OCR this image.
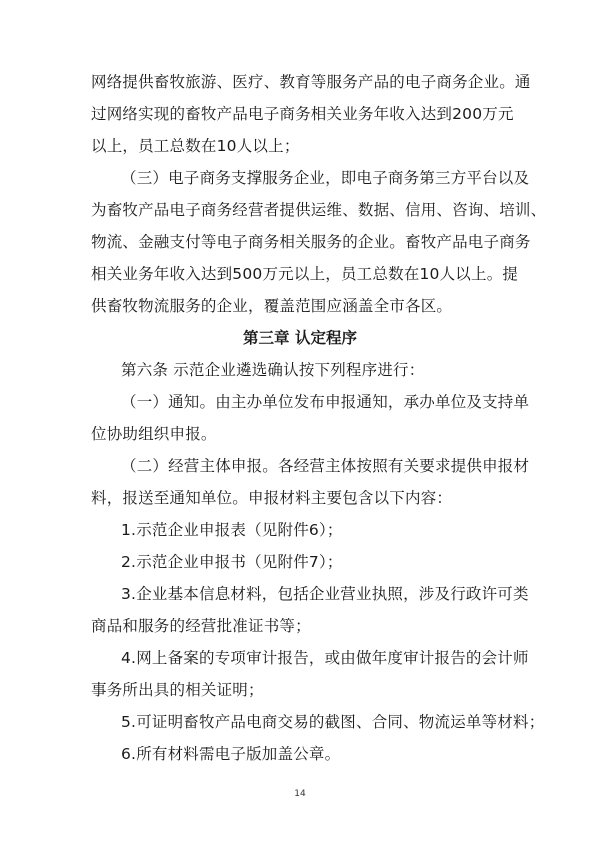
网络提供畜牧旅游、医疗、教育等服务产品的电子商务企业。通
过网络实现的畜牧产品电子商务相关业务年收入达到200万元
以上，员工总数在10人以上；
（三）电子商务支撑服务企业，即电子商务第三方平台以及
为畜牧产品电子商务经营者提供运维、数据、信用、咨询、培训、
物流、金融支付等电子商务相关服务的企业。畜牧产品电子商务
相关业务年收入达到500万元以上，员工总数在10人以上。提
供畜牧物流服务的企业，覆盖范围应涵盖全市各区。
第三章 认定程序
第六条 示范企业遴选确认按下列程序进行：
（一）通知。由主办单位发布申报通知，承办单位及支持单
位协助组织申报。
（二）经营主体申报。各经营主体按照有关要求提供申报材
料，报送至通知单位。申报材料主要包含以下内容：
1.示范企业申报表（见附件6）；
2.示范企业申报书（见附件7）；
3.企业基本信息材料，包括企业营业执照，涉及行政许可类
商品和服务的经营批准证书等；
4.网上备案的专项审计报告，或由做年度审计报告的会计师
事务所出具的相关证明；
14
5.可证明畜牧产品电商交易的截图、合同、物流运单等材料；
6.所有材料需电子版加盖公章。
